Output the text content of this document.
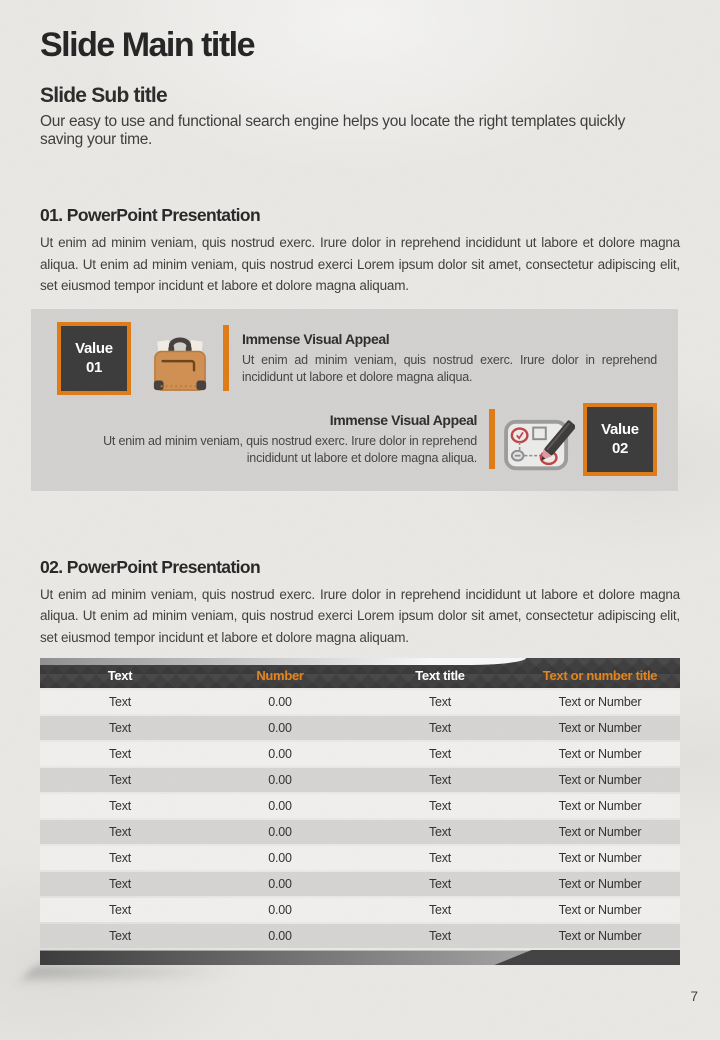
Slide Main title
Slide Sub title

Our easy to use and functional search engine helps you locate the right templates quickly saving your time.

01. PowerPoint Presentation

Ut enim ad minim veniam, quis nostrud exerc. Irure dolor in reprehend incididunt ut labore et dolore magna aliqua. Ut enim ad minim veniam, quis nostrud exerci Lorem ipsum dolor sit amet, consectetur adipiscing elit, set eiusmod tempor incidunt et labore et dolore magna aliquam.

Value
01
Immense Visual Appeal

Ut enim ad minim veniam, quis nostrud exerc. Irure dolor in reprehend incididunt ut labore et dolore magna aliqua.

Immense Visual Appeal

Ut enim ad minim veniam, quis nostrud exerc. Irure dolor in reprehend incididunt ut labore et dolore magna aliqua.

Value
02
02. PowerPoint Presentation

Ut enim ad minim veniam, quis nostrud exerc. Irure dolor in reprehend incididunt ut labore et dolore magna aliqua. Ut enim ad minim veniam, quis nostrud exerci Lorem ipsum dolor sit amet, consectetur adipiscing elit, set eiusmod tempor incidunt et labore et dolore magna aliquam.

Text	Number	Text title	Text or number title
Text	0.00	Text	Text or Number
Text	0.00	Text	Text or Number
Text	0.00	Text	Text or Number
Text	0.00	Text	Text or Number
Text	0.00	Text	Text or Number
Text	0.00	Text	Text or Number
Text	0.00	Text	Text or Number
Text	0.00	Text	Text or Number
Text	0.00	Text	Text or Number
Text	0.00	Text	Text or Number
7
